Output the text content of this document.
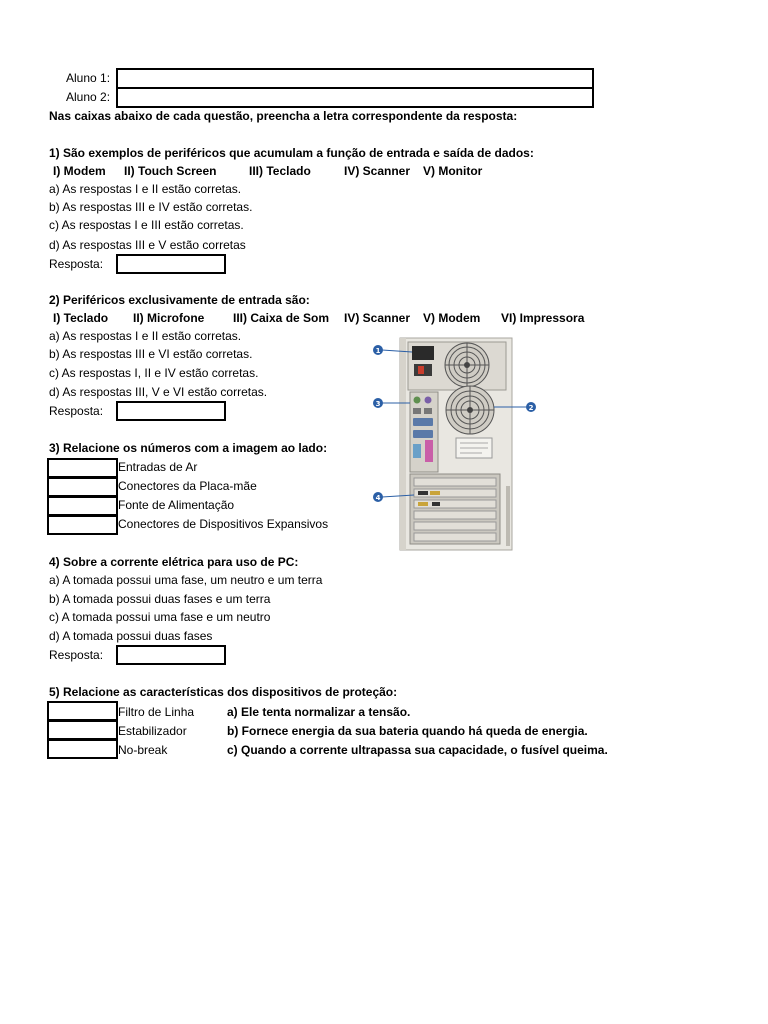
Aluno 1:
Aluno 2:
Nas caixas abaixo de cada questão, preencha a letra correspondente da resposta:
1) São exemplos de periféricos que acumulam a função de entrada e saída de dados:
I) Modem II) Touch Screen	III) Teclado	IV) Scanner V) Monitor
a) As respostas I e II estão corretas.
b) As respostas III e IV estão corretas.
c) As respostas I e III estão corretas.
d) As respostas III e V estão corretas
Resposta:
2) Periféricos exclusivamente de entrada são:
I) Teclado II) Microfone III) Caixa de Som IV) Scanner V) Modem VI) Impressora
a) As respostas I e II estão corretas.
b) As respostas III e VI estão corretas.
c) As respostas I, II e IV estão corretas.
d) As respostas III, V e VI estão corretas.
Resposta:
3) Relacione os números com a imagem ao lado:
Entradas de Ar
Conectores da Placa-mãe
Fonte de Alimentação
Conectores de Dispositivos Expansivos
1
2
3
4
4) Sobre a corrente elétrica para uso de PC:
a) A tomada possui uma fase, um neutro e um terra
b) A tomada possui duas fases e um terra
c) A tomada possui uma fase e um neutro
d) A tomada possui duas fases
Resposta:
5) Relacione as características dos dispositivos de proteção:
Filtro de Linha	a) Ele tenta normalizar a tensão.
Estabilizador	b) Fornece energia da sua bateria quando há queda de energia.
No-break	c) Quando a corrente ultrapassa sua capacidade, o fusível queima.
